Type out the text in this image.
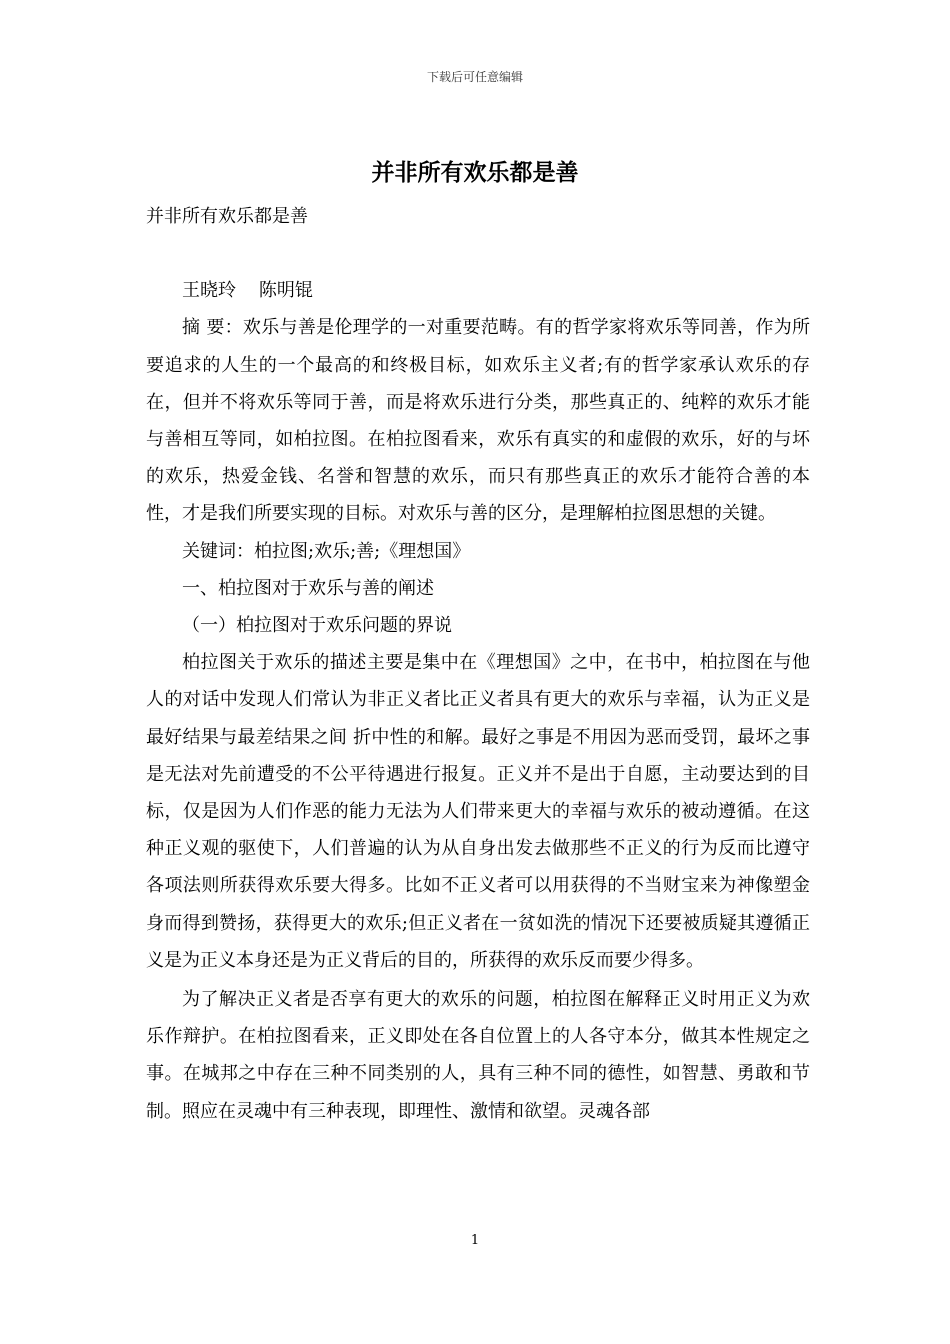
下载后可任意编辑
并非所有欢乐都是善

并非所有欢乐都是善

王晓玲    陈明锟

摘 要：欢乐与善是伦理学的一对重要范畴。有的哲学家将欢乐等同善，作为所要追求的人生的一个最高的和终极目标，如欢乐主义者;有的哲学家承认欢乐的存在，但并不将欢乐等同于善，而是将欢乐进行分类，那些真正的、纯粹的欢乐才能与善相互等同，如柏拉图。在柏拉图看来，欢乐有真实的和虚假的欢乐，好的与坏的欢乐，热爱金钱、名誉和智慧的欢乐，而只有那些真正的欢乐才能符合善的本性，才是我们所要实现的目标。对欢乐与善的区分，是理解柏拉图思想的关键。

关键词：柏拉图;欢乐;善;《理想国》

一、柏拉图对于欢乐与善的阐述

（一）柏拉图对于欢乐问题的界说

柏拉图关于欢乐的描述主要是集中在《理想国》之中，在书中，柏拉图在与他人的对话中发现人们常认为非正义者比正义者具有更大的欢乐与幸福，认为正义是最好结果与最差结果之间 折中性的和解。最好之事是不用因为恶而受罚，最坏之事是无法对先前遭受的不公平待遇进行报复。正义并不是出于自愿，主动要达到的目标，仅是因为人们作恶的能力无法为人们带来更大的幸福与欢乐的被动遵循。在这种正义观的驱使下，人们普遍的认为从自身出发去做那些不正义的行为反而比遵守各项法则所获得欢乐要大得多。比如不正义者可以用获得的不当财宝来为神像塑金身而得到赞扬，获得更大的欢乐;但正义者在一贫如洗的情况下还要被质疑其遵循正义是为正义本身还是为正义背后的目的，所获得的欢乐反而要少得多。

为了解决正义者是否享有更大的欢乐的问题，柏拉图在解释正义时用正义为欢乐作辩护。在柏拉图看来，正义即处在各自位置上的人各守本分，做其本性规定之事。在城邦之中存在三种不同类别的人，具有三种不同的德性，如智慧、勇敢和节制。照应在灵魂中有三种表现，即理性、激情和欲望。灵魂各部

1
